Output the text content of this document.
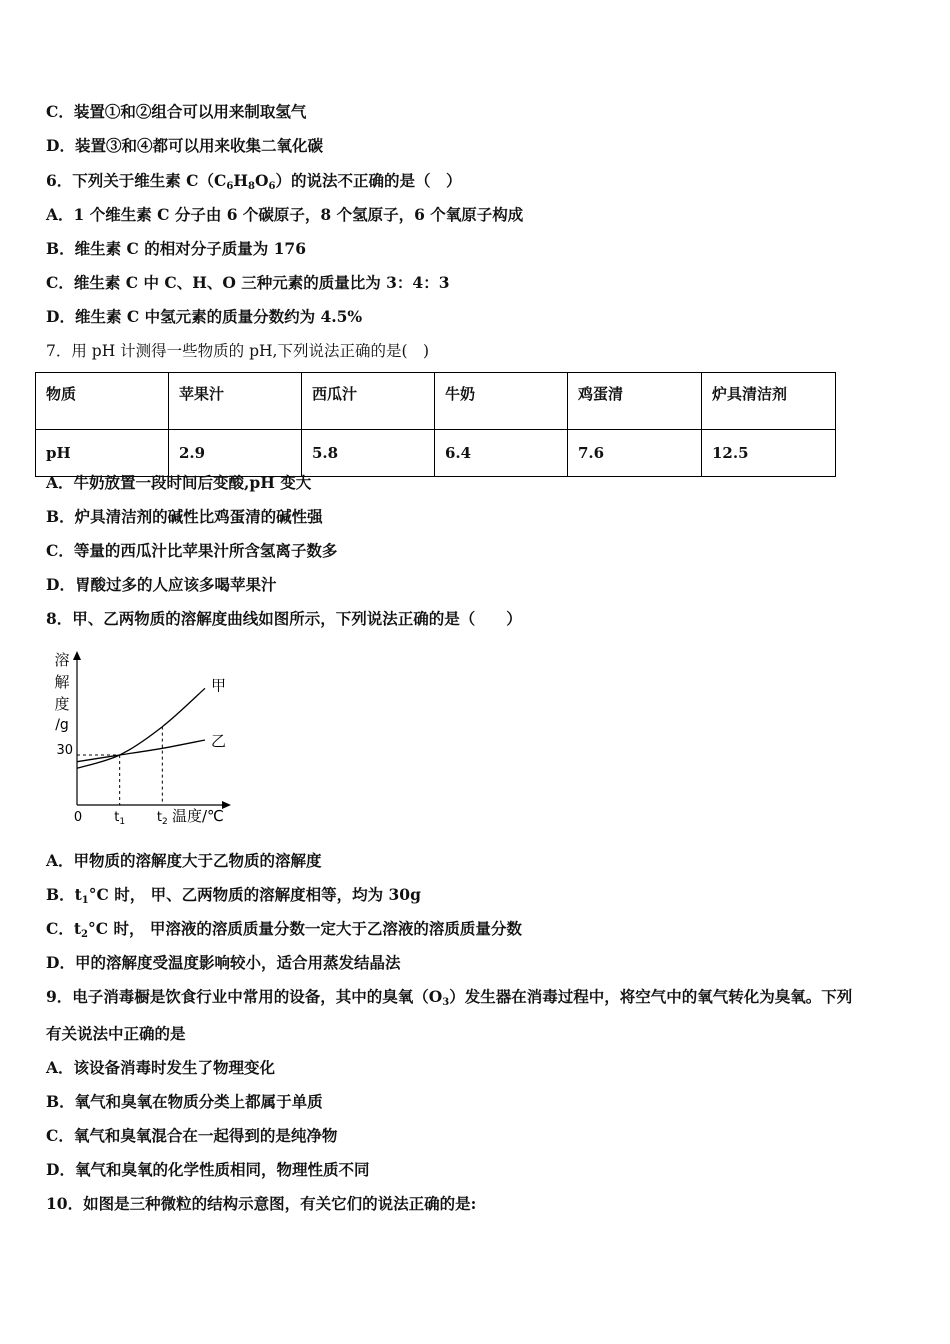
C．装置①和②组合可以用来制取氢气
D．装置③和④都可以用来收集二氧化碳
6．下列关于维生素 $C(C_6H_8O_6)$的说法不正确的是（　）
A．1 个维生素 C 分子由 6 个碳原子，8 个氢原子，6 个氧原子构成
B．维生素 C 的相对分子质量为 176
C．维生素 C 中 C、H、O 三种元素的质量比为 3：4：3
D．维生素 C 中氢元素的质量分数约为 4.5%
7．用 pH 计测得一些物质的 pH,下列说法正确的是(　)
物质	苹果汁	西瓜汁	牛奶	鸡蛋清	炉具清洁剂
pH	2.9	5.8	6.4	7.6	12.5
A．牛奶放置一段时间后变酸,pH 变大
B．炉具清洁剂的碱性比鸡蛋清的碱性强
C．等量的西瓜汁比苹果汁所含氢离子数多
D．胃酸过多的人应该多喝苹果汁
8．甲、乙两物质的溶解度曲线如图所示，下列说法正确的是（　　）
溶
解
度
/g
30
0 $t_1$ $t_2$ 温度/℃
甲
乙
A．甲物质的溶解度大于乙物质的溶解度
B．$t_1^\circ C$ 时， 甲、乙两物质的溶解度相等，均为 30g
C．$t_2^\circ C$ 时， 甲溶液的溶质质量分数一定大于乙溶液的溶质质量分数
D．甲的溶解度受温度影响较小，适合用蒸发结晶法
9．电子消毒橱是饮食行业中常用的设备，其中的臭氧$(O_3)$发生器在消毒过程中，将空气中的氧气转化为臭氧。下列
有关说法中正确的是
A．该设备消毒时发生了物理变化
B．氧气和臭氧在物质分类上都属于单质
C．氧气和臭氧混合在一起得到的是纯净物
D．氧气和臭氧的化学性质相同，物理性质不同
10．如图是三种微粒的结构示意图，有关它们的说法正确的是:
